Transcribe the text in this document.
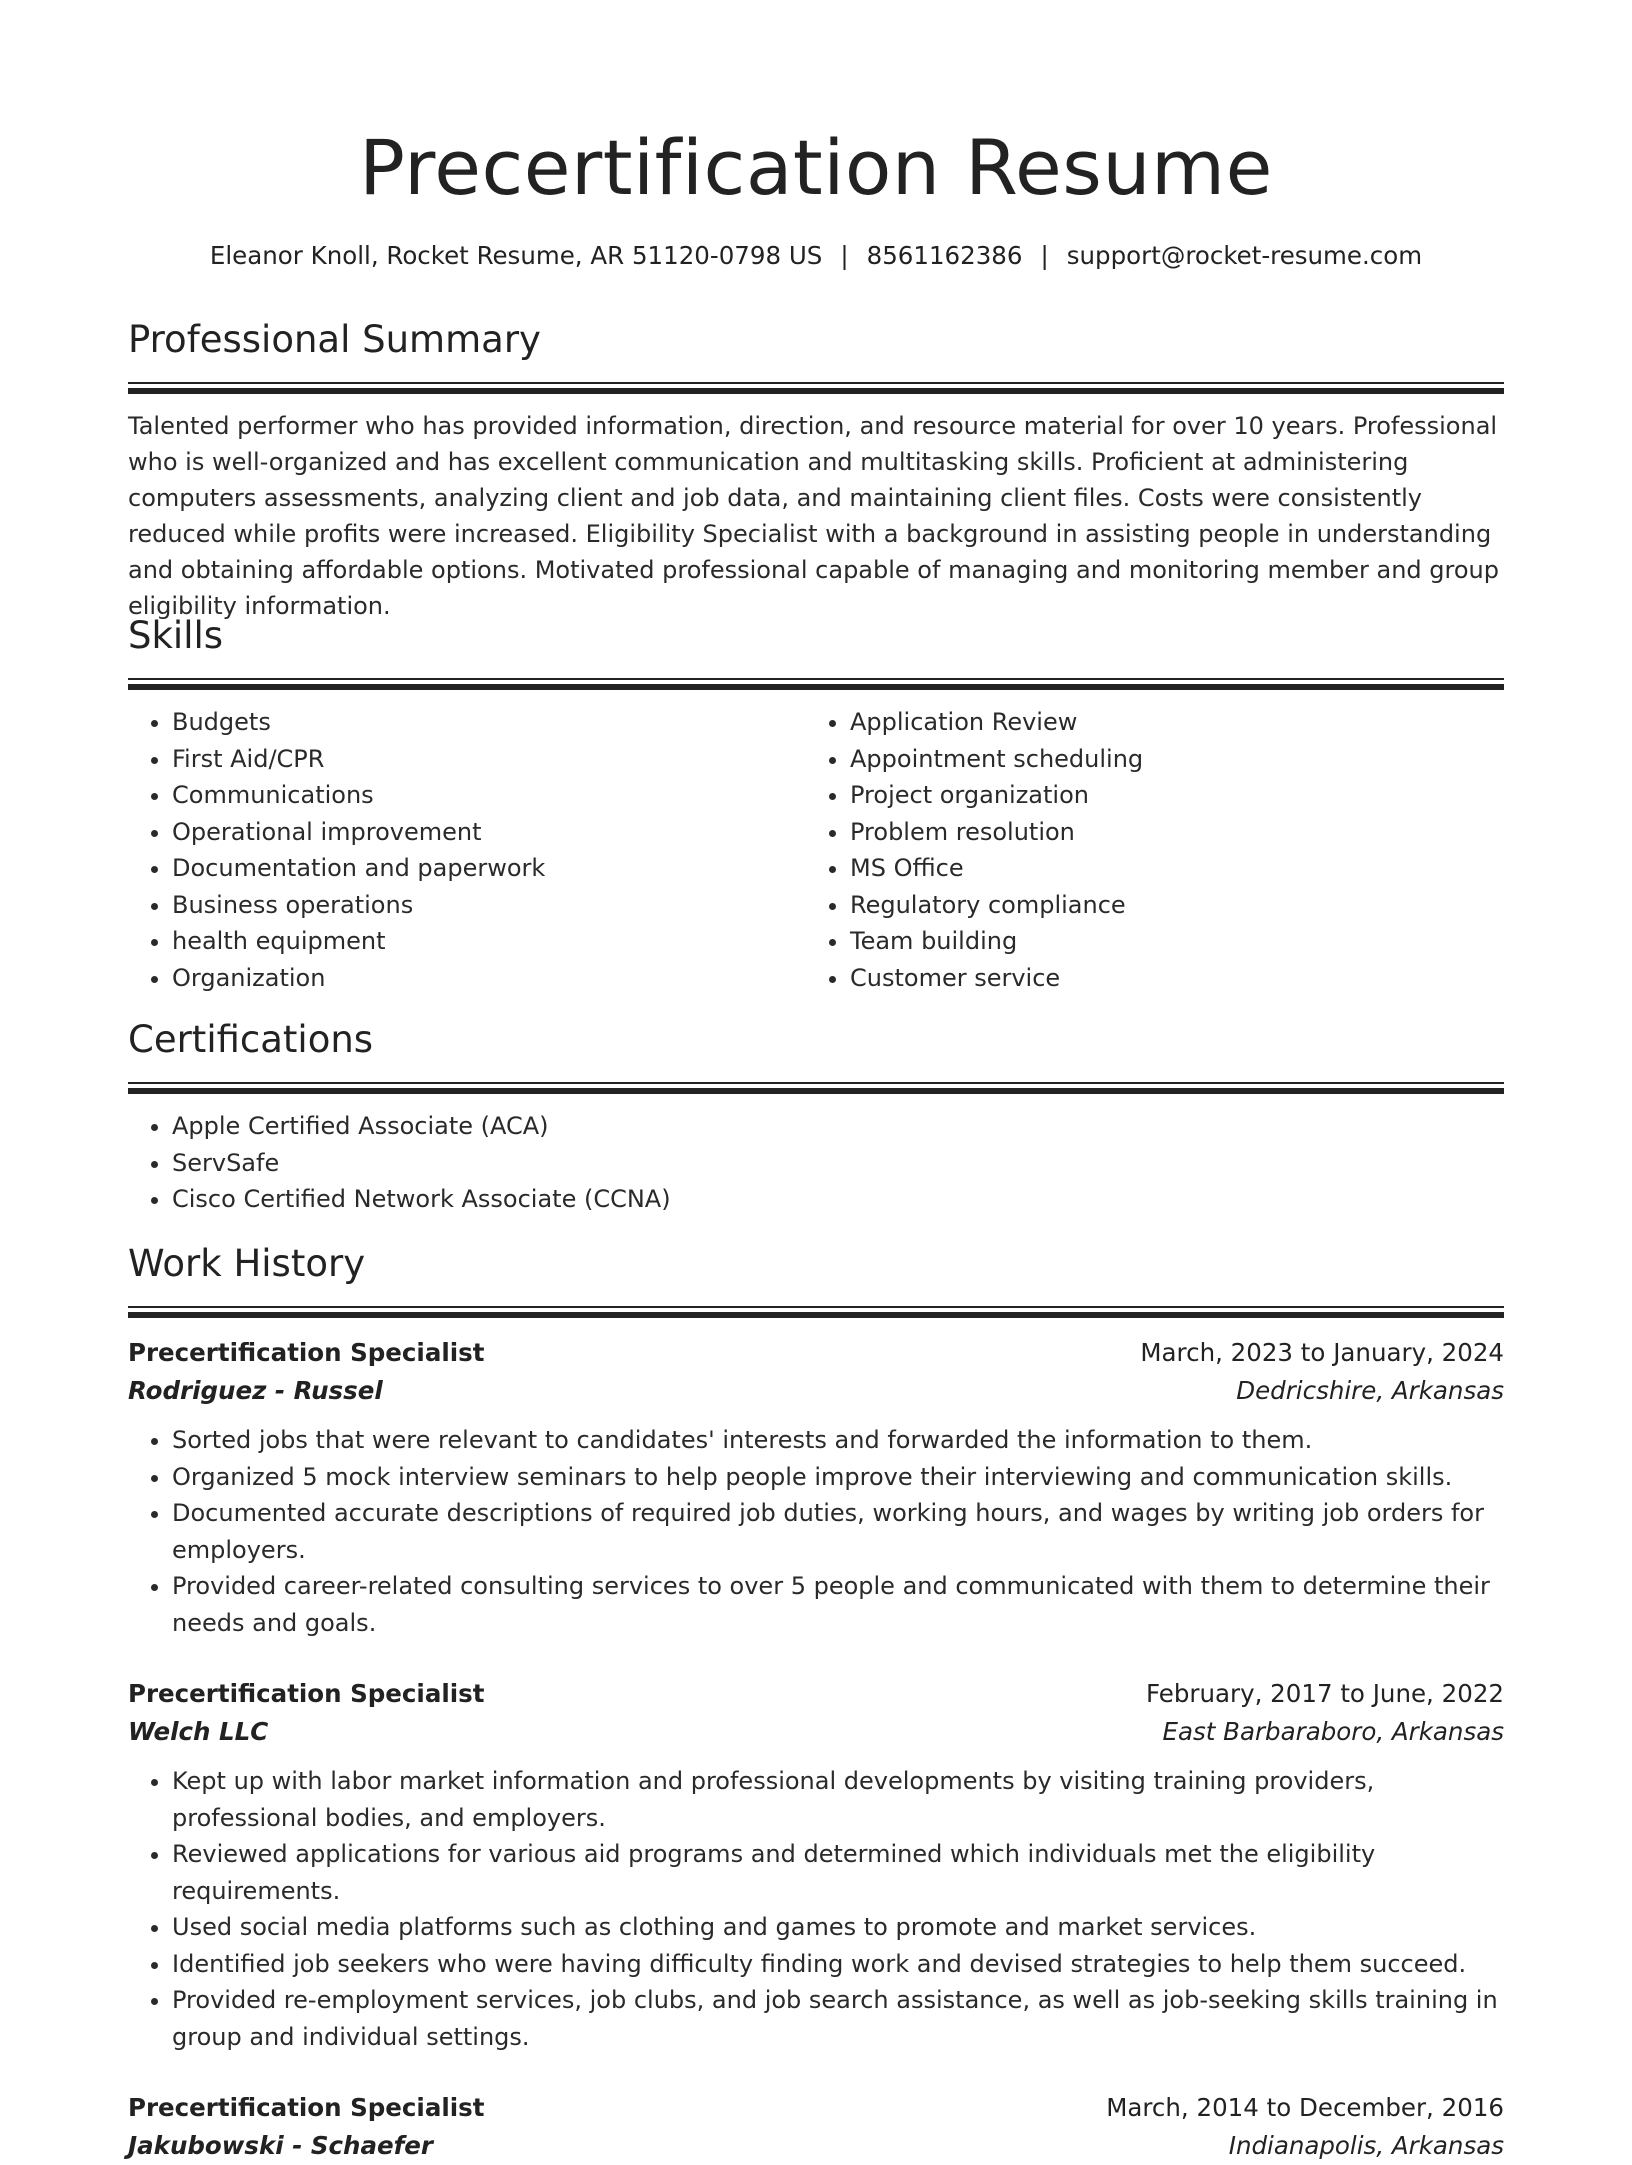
Precertification Resume
Eleanor Knoll, Rocket Resume, AR 51120-0798 US | 8561162386 | support@rocket-resume.com
Professional Summary

Talented performer who has provided information, direction, and resource material for over 10 years. Professional who is well-organized and has excellent communication and multitasking skills. Proficient at administering computers assessments, analyzing client and job data, and maintaining client files. Costs were consistently reduced while profits were increased. Eligibility Specialist with a background in assisting people in understanding and obtaining affordable options. Motivated professional capable of managing and monitoring member and group eligibility information.

Skills
• Budgets
• First Aid/CPR
• Communications
• Operational improvement
• Documentation and paperwork
• Business operations
• health equipment
• Organization
• Application Review
• Appointment scheduling
• Project organization
• Problem resolution
• MS Office
• Regulatory compliance
• Team building
• Customer service
Certifications
• Apple Certified Associate (ACA)
• ServSafe
• Cisco Certified Network Associate (CCNA)
Work History
Precertification Specialist	March, 2023 to January, 2024
Rodriguez - Russel	Dedricshire, Arkansas
• Sorted jobs that were relevant to candidates' interests and forwarded the information to them.
• Organized 5 mock interview seminars to help people improve their interviewing and communication skills.
• Documented accurate descriptions of required job duties, working hours, and wages by writing job orders for employers.
• Provided career-related consulting services to over 5 people and communicated with them to determine their needs and goals.
Precertification Specialist	February, 2017 to June, 2022
Welch LLC	East Barbaraboro, Arkansas
• Kept up with labor market information and professional developments by visiting training providers, professional bodies, and employers.
• Reviewed applications for various aid programs and determined which individuals met the eligibility requirements.
• Used social media platforms such as clothing and games to promote and market services.
• Identified job seekers who were having difficulty finding work and devised strategies to help them succeed.
• Provided re-employment services, job clubs, and job search assistance, as well as job-seeking skills training in group and individual settings.
Precertification Specialist	March, 2014 to December, 2016
Jakubowski - Schaefer	Indianapolis, Arkansas
